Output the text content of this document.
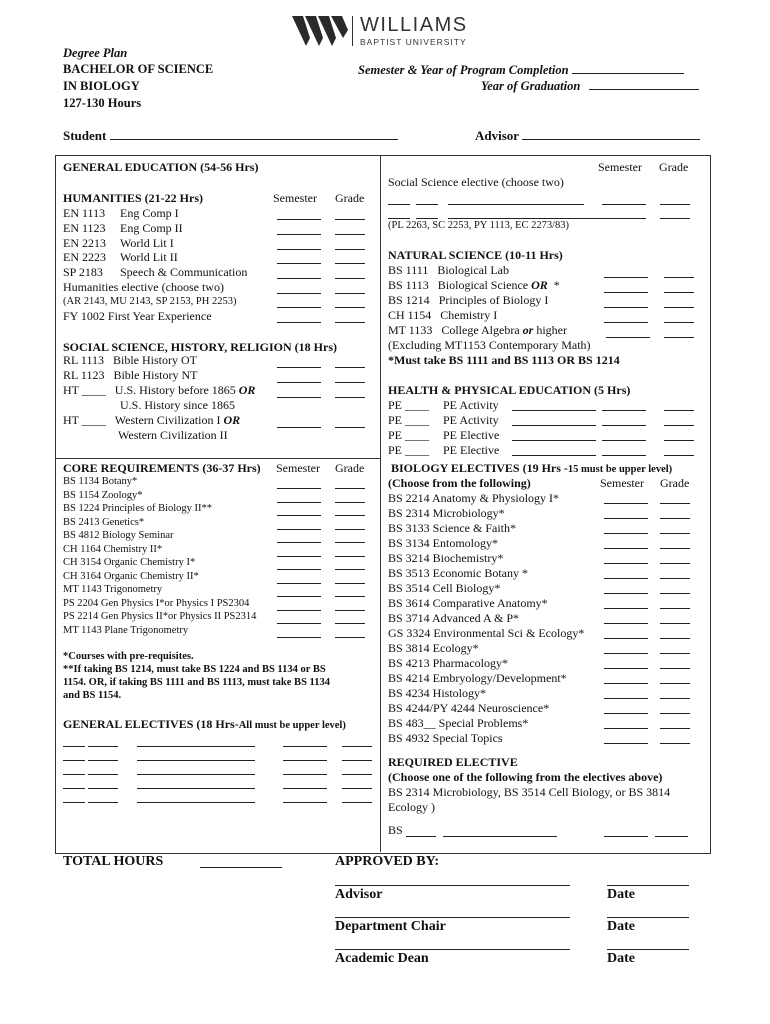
WILLIAMS
BAPTIST UNIVERSITY
Degree Plan
BACHELOR OF SCIENCE
IN BIOLOGY
127-130 Hours
Semester & Year of Program Completion
Year of Graduation
Student	Advisor
GENERAL EDUCATION (54-56 Hrs)
HUMANITIES (21-22 Hrs)	Semester Grade
EN 1113 Eng Comp I
EN 1123 Eng Comp II
EN 2213 World Lit I
EN 2223 World Lit II
SP 2183 Speech & Communication
Humanities elective (choose two)
(AR 2143, MU 2143, SP 2153, PH 2253)
FY 1002 First Year Experience
SOCIAL SCIENCE, HISTORY, RELIGION (18 Hrs)
RL 1113 Bible History OT
RL 1123 Bible History NT
HT ____ U.S. History before 1865 OR
U.S. History since 1865
HT ____ Western Civilization I OR
Western Civilization II
Semester Grade
Social Science elective (choose two)
(PL 2263, SC 2253, PY 1113, EC 2273/83)
NATURAL SCIENCE (10-11 Hrs)
BS 1111 Biological Lab
BS 1113 Biological Science OR *
BS 1214 Principles of Biology I
CH 1154 Chemistry I
MT 1133 College Algebra or higher
(Excluding MT1153 Contemporary Math)
*Must take BS 1111 and BS 1113 OR BS 1214
HEALTH & PHYSICAL EDUCATION (5 Hrs)
PE ____ PE Activity
PE ____ PE Activity
PE ____ PE Elective
PE ____ PE Elective
CORE REQUIREMENTS (36-37 Hrs) Semester Grade
BS 1134 Botany*
BS 1154 Zoology*
BS 1224 Principles of Biology II**
BS 2413 Genetics*
BS 4812 Biology Seminar
CH 1164 Chemistry II*
CH 3154 Organic Chemistry I*
CH 3164 Organic Chemistry II*
MT 1143 Trigonometry
PS 2204 Gen Physics I*or Physics I PS2304
PS 2214 Gen Physics II*or Physics II PS2314
MT 1143 Plane Trigonometry
*Courses with pre-requisites.
**If taking BS 1214, must take BS 1224 and BS 1134 or BS
1154. OR, if taking BS 1111 and BS 1113, must take BS 1134
and BS 1154.
GENERAL ELECTIVES (18 Hrs-All must be upper level)
BIOLOGY ELECTIVES (19 Hrs -15 must be upper level)
(Choose from the following)	Semester Grade
BS 2214 Anatomy & Physiology I*
BS 2314 Microbiology*
BS 3133 Science & Faith*
BS 3134 Entomology*
BS 3214 Biochemistry*
BS 3513 Economic Botany *
BS 3514 Cell Biology*
BS 3614 Comparative Anatomy*
BS 3714 Advanced A & P*
GS 3324 Environmental Sci & Ecology*
BS 3814 Ecology*
BS 4213 Pharmacology*
BS 4214 Embryology/Development*
BS 4234 Histology*
BS 4244/PY 4244 Neuroscience*
BS 483__ Special Problems*
BS 4932 Special Topics
REQUIRED ELECTIVE
(Choose one of the following from the electives above)
BS 2314 Microbiology, BS 3514 Cell Biology, or BS 3814
Ecology )
BS
TOTAL HOURS	APPROVED BY:
Advisor	Date
Department Chair	Date
Academic Dean	Date
